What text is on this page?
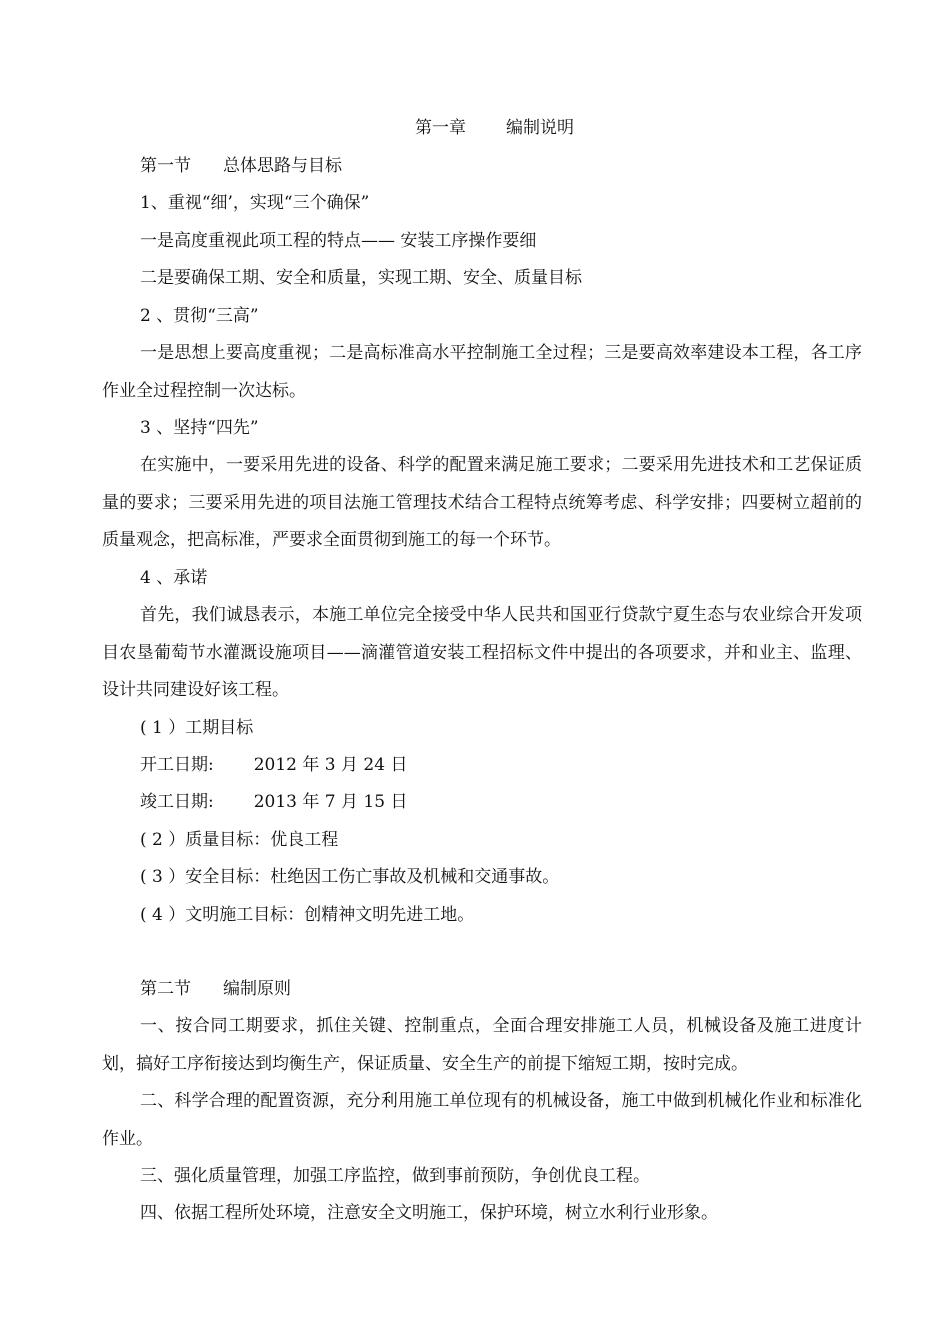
第一章 编制说明
第一节 总体思路与目标
1、重视“细’，实现“三个确保”
一是高度重视此项工程的特点—— 安装工序操作要细
二是要确保工期、安全和质量，实现工期、安全、质量目标
2 、贯彻“三高”
一是思想上要高度重视；二是高标准高水平控制施工全过程；三是要高效率建设本工程，各工序作业全过程控制一次达标。
3 、坚持“四先”
在实施中，一要采用先进的设备、科学的配置来满足施工要求；二要采用先进技术和工艺保证质量的要求；三要采用先进的项目法施工管理技术结合工程特点统筹考虑、科学安排；四要树立超前的质量观念，把高标准，严要求全面贯彻到施工的每一个环节。
4 、承诺
首先，我们诚恳表示，本施工单位完全接受中华人民共和国亚行贷款宁夏生态与农业综合开发项目农垦葡萄节水灌溉设施项目——滴灌管道安装工程招标文件中提出的各项要求，并和业主、监理、设计共同建设好该工程。
( 1 ）工期目标
开工日期: 2012 年 3 月 24 日
竣工日期: 2013 年 7 月 15 日
( 2 ）质量目标：优良工程
( 3 ）安全目标：杜绝因工伤亡事故及机械和交通事故。
( 4 ）文明施工目标：创精神文明先进工地。
第二节 编制原则
一、按合同工期要求，抓住关键、控制重点，全面合理安排施工人员，机械设备及施工进度计划，搞好工序衔接达到均衡生产，保证质量、安全生产的前提下缩短工期，按时完成。
二、科学合理的配置资源，充分利用施工单位现有的机械设备，施工中做到机械化作业和标准化作业。
三、强化质量管理，加强工序监控，做到事前预防，争创优良工程。
四、依据工程所处环境，注意安全文明施工，保护环境，树立水利行业形象。
